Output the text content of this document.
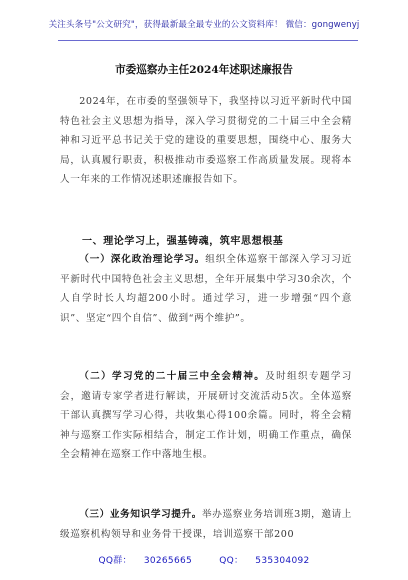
关注头条号"公文研究"，获得最新最全最专业的公文资料库！ 微信：gongwenyj
市委巡察办主任2024年述职述廉报告
2024年，在市委的坚强领导下，我坚持以习近平新时代中国特色社会主义思想为指导，深入学习贯彻党的二十届三中全会精神和习近平总书记关于党的建设的重要思想，围绕中心、服务大局，认真履行职责，积极推动市委巡察工作高质量发展。现将本人一年来的工作情况述职述廉报告如下。
一、理论学习上，强基铸魂，筑牢思想根基
（一）深化政治理论学习。组织全体巡察干部深入学习习近平新时代中国特色社会主义思想，全年开展集中学习30余次，个人自学时长人均超200小时。通过学习，进一步增强“四个意识”、坚定“四个自信”、做到“两个维护”。
（二）学习党的二十届三中全会精神。及时组织专题学习会，邀请专家学者进行解读，开展研讨交流活动5次。全体巡察干部认真撰写学习心得，共收集心得100余篇。同时，将全会精神与巡察工作实际相结合，制定工作计划，明确工作重点，确保全会精神在巡察工作中落地生根。
（三）业务知识学习提升。举办巡察业务培训班3期，邀请上级巡察机构领导和业务骨干授课，培训巡察干部200
QQ群： 30265665	QQ： 535304092
